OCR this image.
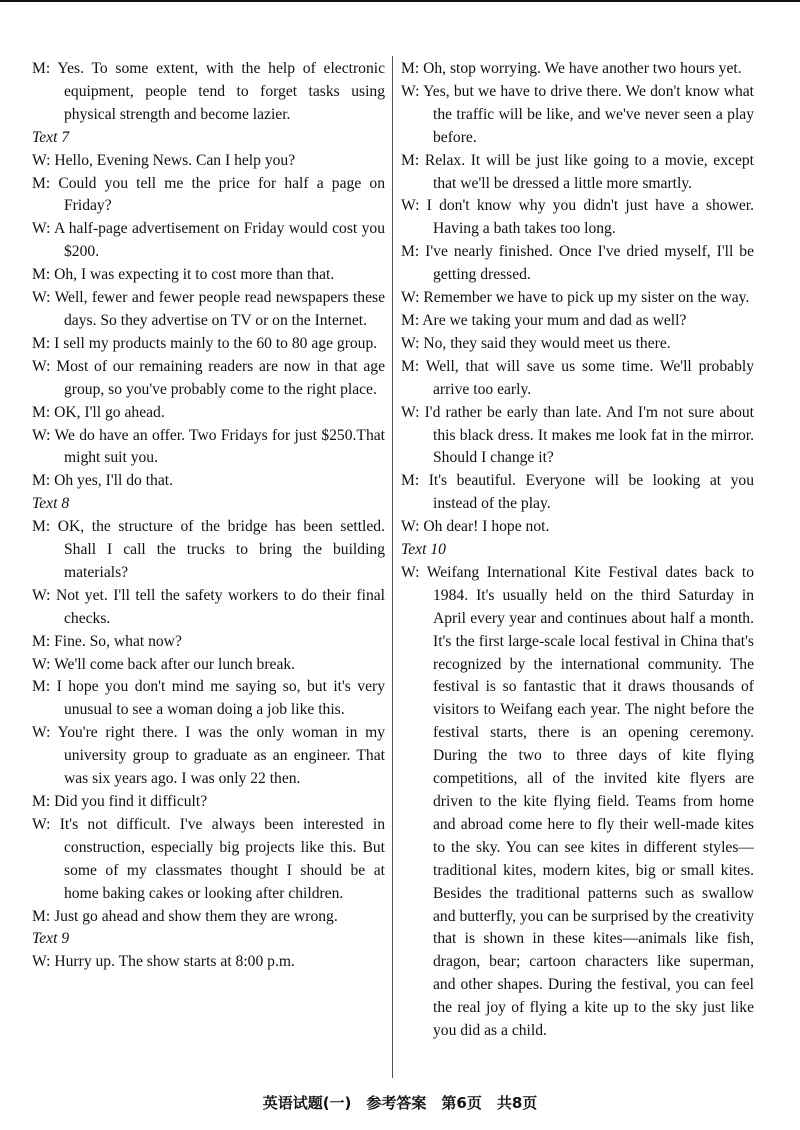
M: Yes. To some extent, with the help of electronic equipment, people tend to forget tasks using physical strength and become lazier.

Text 7

W: Hello, Evening News. Can I help you?

M: Could you tell me the price for half a page on Friday?

W: A half-page advertisement on Friday would cost you $200.

M: Oh, I was expecting it to cost more than that.

W: Well, fewer and fewer people read newspapers these days. So they advertise on TV or on the Internet.

M: I sell my products mainly to the 60 to 80 age group.

W: Most of our remaining readers are now in that age group, so you've probably come to the right place.

M: OK, I'll go ahead.

W: We do have an offer. Two Fridays for just $250.That might suit you.

M: Oh yes, I'll do that.

Text 8

M: OK, the structure of the bridge has been settled. Shall I call the trucks to bring the building materials?

W: Not yet. I'll tell the safety workers to do their final checks.

M: Fine. So, what now?

W: We'll come back after our lunch break.

M: I hope you don't mind me saying so, but it's very unusual to see a woman doing a job like this.

W: You're right there. I was the only woman in my university group to graduate as an engineer. That was six years ago. I was only 22 then.

M: Did you find it difficult?

W: It's not difficult. I've always been interested in construction, especially big projects like this. But some of my classmates thought I should be at home baking cakes or looking after children.

M: Just go ahead and show them they are wrong.

Text 9

W: Hurry up. The show starts at 8:00 p.m.

M: Oh, stop worrying. We have another two hours yet.

W: Yes, but we have to drive there. We don't know what the traffic will be like, and we've never seen a play before.

M: Relax. It will be just like going to a movie, except that we'll be dressed a little more smartly.

W: I don't know why you didn't just have a shower. Having a bath takes too long.

M: I've nearly finished. Once I've dried myself, I'll be getting dressed.

W: Remember we have to pick up my sister on the way.

M: Are we taking your mum and dad as well?

W: No, they said they would meet us there.

M: Well, that will save us some time. We'll probably arrive too early.

W: I'd rather be early than late. And I'm not sure about this black dress. It makes me look fat in the mirror. Should I change it?

M: It's beautiful. Everyone will be looking at you instead of the play.

W: Oh dear! I hope not.

Text 10

W: Weifang International Kite Festival dates back to 1984. It's usually held on the third Saturday in April every year and continues about half a month. It's the first large-scale local festival in China that's recognized by the international community. The festival is so fantastic that it draws thousands of visitors to Weifang each year. The night before the festival starts, there is an opening ceremony. During the two to three days of kite flying competitions, all of the invited kite flyers are driven to the kite flying field. Teams from home and abroad come here to fly their well-made kites to the sky. You can see kites in different styles—traditional kites, modern kites, big or small kites. Besides the traditional patterns such as swallow and butterfly, you can be surprised by the creativity that is shown in these kites—animals like fish, dragon, bear; cartoon characters like superman, and other shapes. During the festival, you can feel the real joy of flying a kite up to the sky just like you did as a child.

英语试题(一)　参考答案　第6页　共8页
